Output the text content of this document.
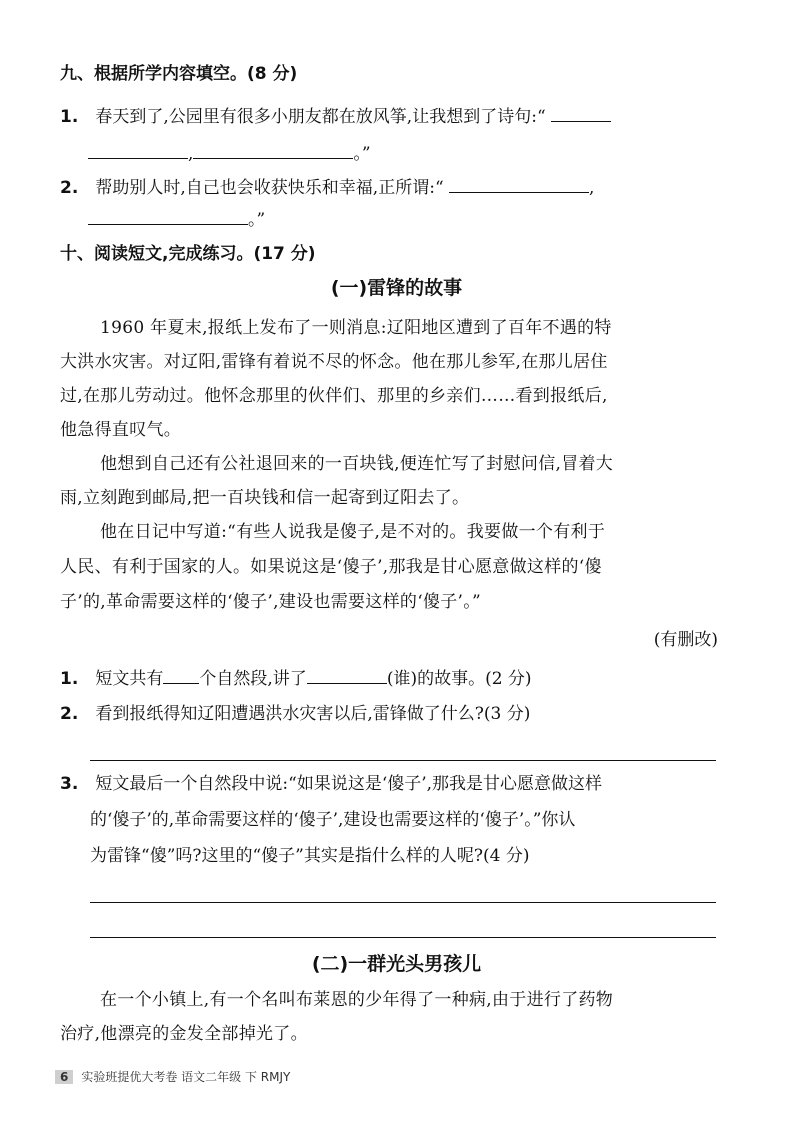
九、根据所学内容填空。(8 分)
1. 春天到了,公园里有很多小朋友都在放风筝,让我想到了诗句:“
,	。”
2. 帮助别人时,自己也会收获快乐和幸福,正所谓:“	,
。”
十、阅读短文,完成练习。(17 分)
(一)雷锋的故事
1960 年夏末,报纸上发布了一则消息:辽阳地区遭到了百年不遇的特
大洪水灾害。对辽阳,雷锋有着说不尽的怀念。他在那儿参军,在那儿居住
过,在那儿劳动过。他怀念那里的伙伴们、那里的乡亲们……看到报纸后,
他急得直叹气。
他想到自己还有公社退回来的一百块钱,便连忙写了封慰问信,冒着大
雨,立刻跑到邮局,把一百块钱和信一起寄到辽阳去了。
他在日记中写道:“有些人说我是傻子,是不对的。我要做一个有利于
人民、有利于国家的人。如果说这是‘傻子’,那我是甘心愿意做这样的‘傻
子’的,革命需要这样的‘傻子’,建设也需要这样的‘傻子’。”
(有删改)
1. 短文共有 个自然段,讲了	(谁)的故事。(2 分)
2. 看到报纸得知辽阳遭遇洪水灾害以后,雷锋做了什么?(3 分)
3. 短文最后一个自然段中说:“如果说这是‘傻子’,那我是甘心愿意做这样
的‘傻子’的,革命需要这样的‘傻子’,建设也需要这样的‘傻子’。”你认
为雷锋“傻”吗?这里的“傻子”其实是指什么样的人呢?(4 分)
(二)一群光头男孩儿
在一个小镇上,有一个名叫布莱恩的少年得了一种病,由于进行了药物
治疗,他漂亮的金发全部掉光了。
6 实验班提优大考卷 语文二年级 下 RMJY
